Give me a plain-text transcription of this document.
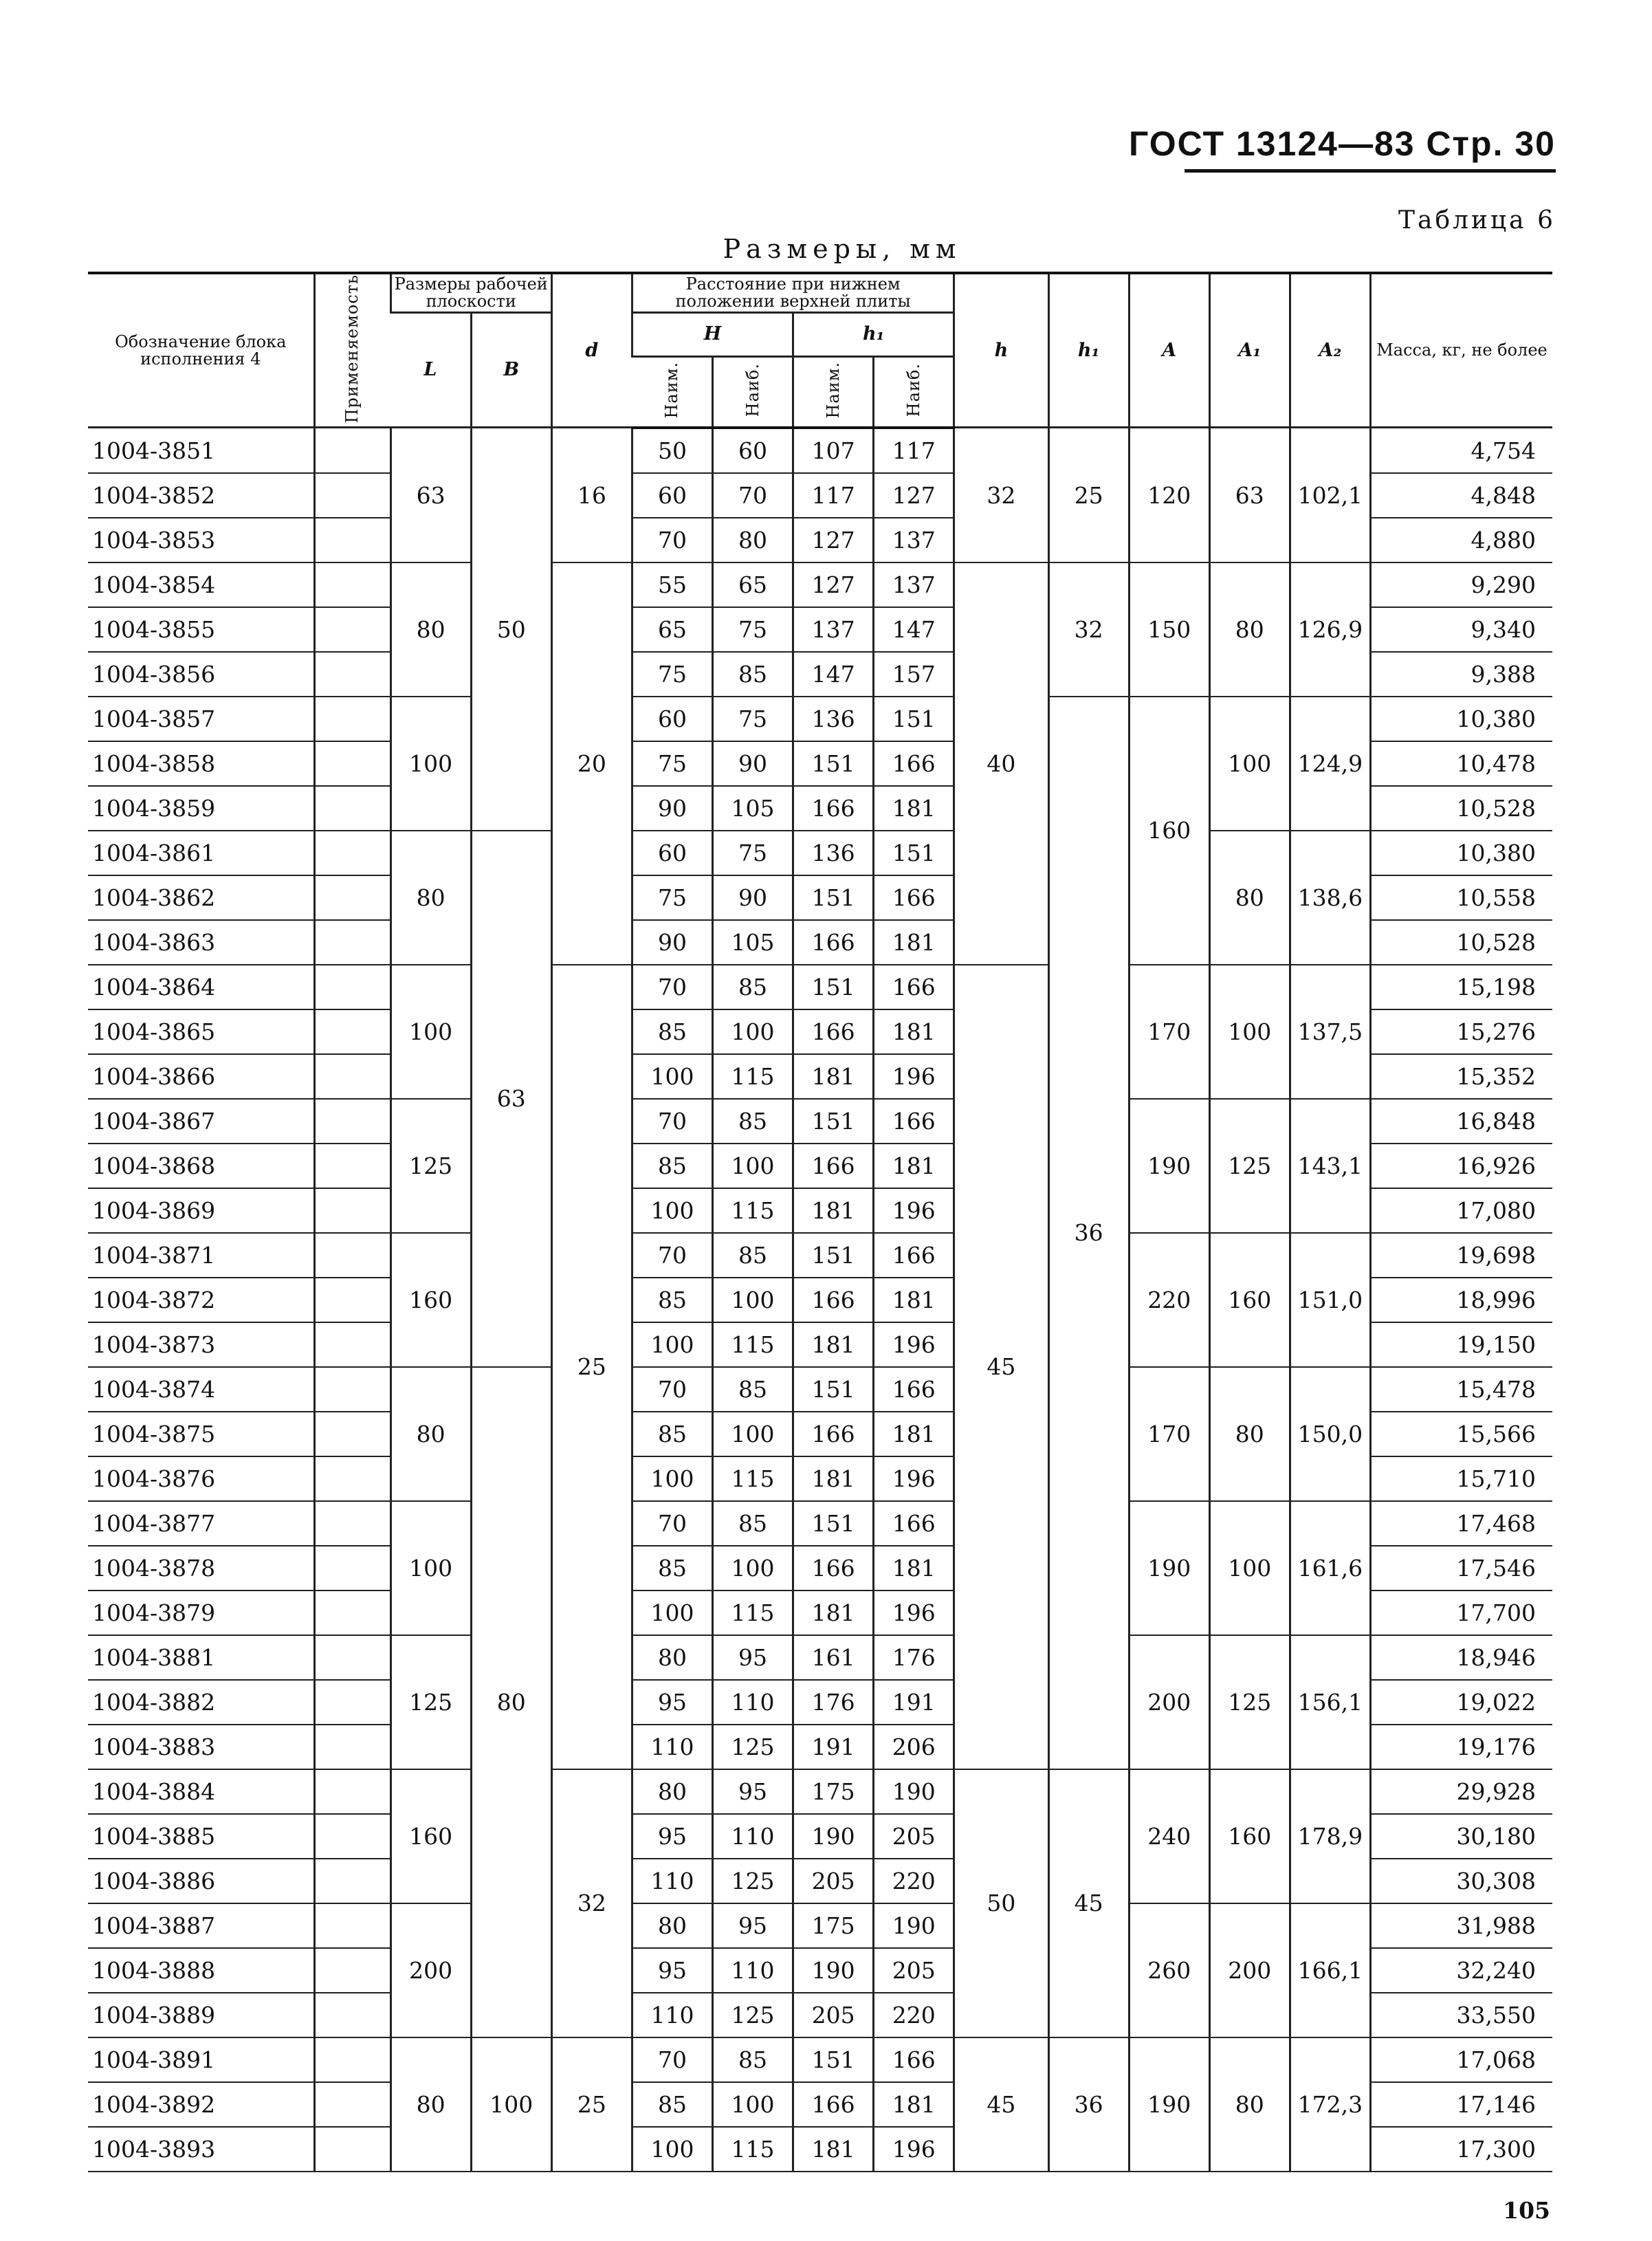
ГОСТ 13124—83 Стр. 30
Таблица 6
Размеры, мм
Обозначение блока исполнения 4	Применяемость	Размеры рабочей плоскости		d	Расстояние при нижнем положении верхней плиты				h	h₁	A	A₁	A₂	Масса, кг, не более
		L	B		H		h₁							
					Наим.	Наиб.	Наим.	Наиб.						
1004-3851		63	50	16	50	60	107	117	32	25	120	63	102,1	4,754
1004-3852					60	70	117	127						4,848
1004-3853					70	80	127	137						4,880
1004-3854		80		20	55	65	127	137	40	32	150	80	126,9	9,290
1004-3855					65	75	137	147						9,340
1004-3856					75	85	147	157						9,388
1004-3857		100			60	75	136	151		36	160	100	124,9	10,380
1004-3858					75	90	151	166						10,478
1004-3859					90	105	166	181						10,528
1004-3861		80	63		60	75	136	151				80	138,6	10,380
1004-3862					75	90	151	166						10,558
1004-3863					90	105	166	181						10,528
1004-3864		100		25	70	85	151	166	45		170	100	137,5	15,198
1004-3865					85	100	166	181						15,276
1004-3866					100	115	181	196						15,352
1004-3867		125			70	85	151	166			190	125	143,1	16,848
1004-3868					85	100	166	181						16,926
1004-3869					100	115	181	196						17,080
1004-3871		160			70	85	151	166			220	160	151,0	19,698
1004-3872					85	100	166	181						18,996
1004-3873					100	115	181	196						19,150
1004-3874		80	80		70	85	151	166			170	80	150,0	15,478
1004-3875					85	100	166	181						15,566
1004-3876					100	115	181	196						15,710
1004-3877		100			70	85	151	166			190	100	161,6	17,468
1004-3878					85	100	166	181						17,546
1004-3879					100	115	181	196						17,700
1004-3881		125			80	95	161	176			200	125	156,1	18,946
1004-3882					95	110	176	191						19,022
1004-3883					110	125	191	206						19,176
1004-3884		160		32	80	95	175	190	50	45	240	160	178,9	29,928
1004-3885					95	110	190	205						30,180
1004-3886					110	125	205	220						30,308
1004-3887		200			80	95	175	190			260	200	166,1	31,988
1004-3888					95	110	190	205						32,240
1004-3889					110	125	205	220						33,550
1004-3891		80	100	25	70	85	151	166	45	36	190	80	172,3	17,068
1004-3892					85	100	166	181						17,146
1004-3893					100	115	181	196						17,300
105
